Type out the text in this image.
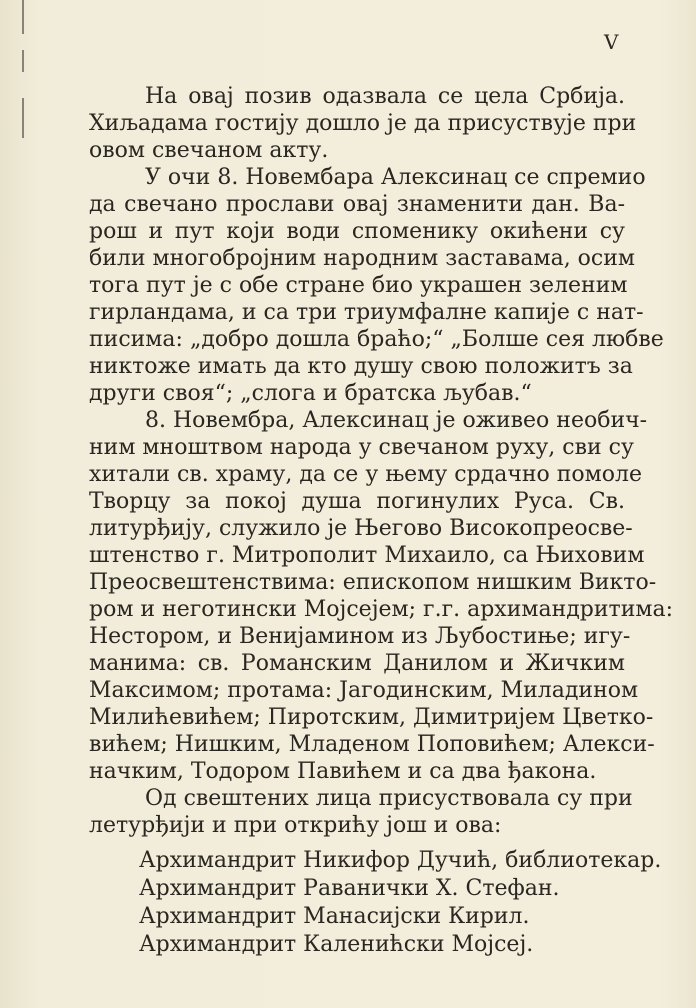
V
На овај позив одазвала се цела Србија.
Хиљадама гостију дошло је да присуствује при
овом свечаном акту.
У очи 8. Новембара Алексинац се спремио
да свечано прослави овај знаменити дан. Ва-
рош и пут који води споменику окићени су
били многобројним народним заставама, осим
тога пут је с обе стране био украшен зеленим
гирландама, и са три триумфалне капије с нат-
писима: „добро дошла браћо;“ „Болше сея любве
никтоже имать да кто душу свою положитъ за
други своя“; „слога и братска љубав.“
8. Новембра, Алексинац је оживео необич-
ним мноштвом народа у свечаном руху, сви су
хитали св. храму, да се у њему срдачно помоле
Творцу за покој душа погинулих Руса. Св.
литурђију, служило је Његово Високопреосве-
штенство г. Митрополит Михаило, са Њиховим
Преосвештенствима: епископом нишким Викто-
ром и неготински Мојсејем; г.г. архимандритима:
Нестором, и Венијамином из Љубостиње; игу-
манима: св. Романским Данилом и Жичким
Максимом; протама: Јагодинским, Миладином
Милићевићем; Пиротским, Димитријем Цветко-
вићем; Нишким, Младеном Поповићем; Алекси-
начким, Тодором Павићем и са два ђакона.
Од свештених лица присуствовала су при
летурђији и при открићу још и ова:
Архимандрит Никифор Дучић, библиотекар.
Архимандрит Раванички Х. Стефан.
Архимандрит Манасијски Кирил.
Архимандрит Каленићски Мојсеј.
